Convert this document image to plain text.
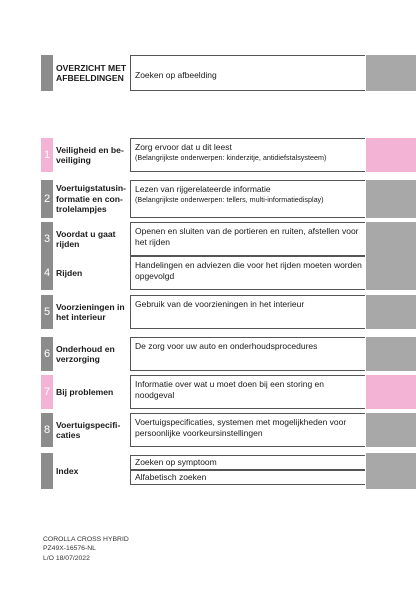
OVERZICHT MET
AFBEELDINGEN	Zoeken op afbeelding
1 Veiligheid en be-
veiliging
Zorg ervoor dat u dit leest
(Belangrijkste onderwerpen: kinderzitje, antidiefstalsysteem)
2
Voertuigstatusin-
formatie en con-
trolelampjes
Lezen van rijgerelateerde informatie
(Belangrijkste onderwerpen: tellers, multi-informatiedisplay)
3 Voordat u gaat
rijden
Openen en sluiten van de portieren en ruiten, afstellen voor het rijden
4 Rijden
Handelingen en adviezen die voor het rijden moeten worden opgevolgd
5 Voorzieningen in
het interieur
Gebruik van de voorzieningen in het interieur
6 Onderhoud en
verzorging
De zorg voor uw auto en onderhoudsprocedures
7 Bij problemen
Informatie over wat u moet doen bij een storing en noodgeval
8 Voertuigspecifi-
caties
Voertuigspecificaties, systemen met mogelijkheden voor persoonlijke voorkeursinstellingen
Index
Zoeken op symptoom
Alfabetisch zoeken
COROLLA CROSS HYBRID
PZ49X-16576-NL
L/O 18/07/2022
